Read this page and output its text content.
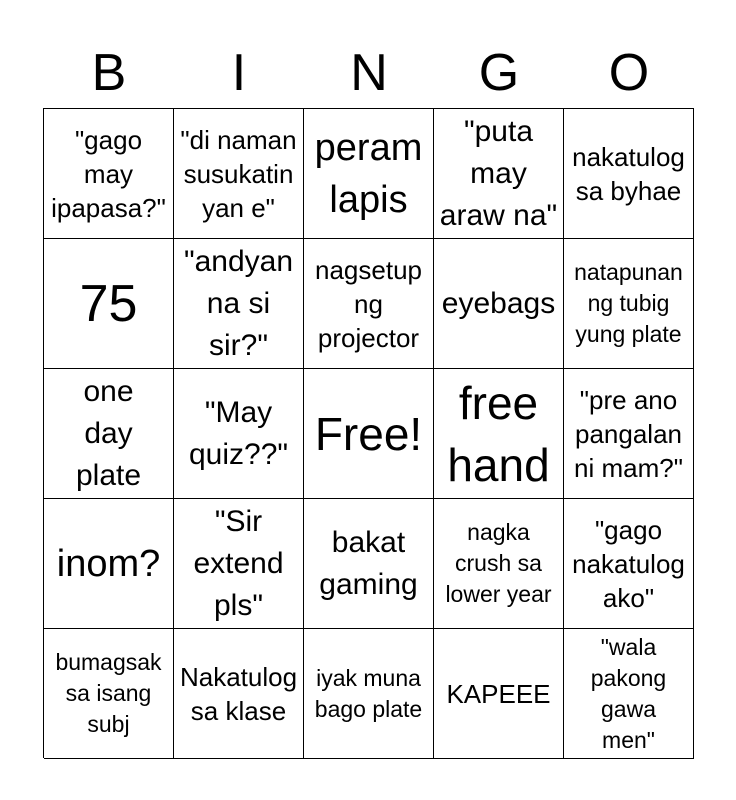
B	I	N	G	O
"gago
may
ipapasa?"
"di naman
susukatin
yan e"
peram
lapis
"puta
may
araw na"
nakatulog
sa byhae
75
"andyan
na si
sir?"
nagsetup
ng
projector
eyebags
natapunan
ng tubig
yung plate
one
day
plate
"May
quiz??" Free!
free
hand
"pre ano
pangalan
ni mam?"
inom?
"Sir
extend
pls"
bakat
gaming
nagka
crush sa
lower year
"gago
nakatulog
ako"
bumagsak
sa isang
subj
Nakatulog
sa klase
iyak muna
bago plate KAPEEE
"wala
pakong
gawa
men"
